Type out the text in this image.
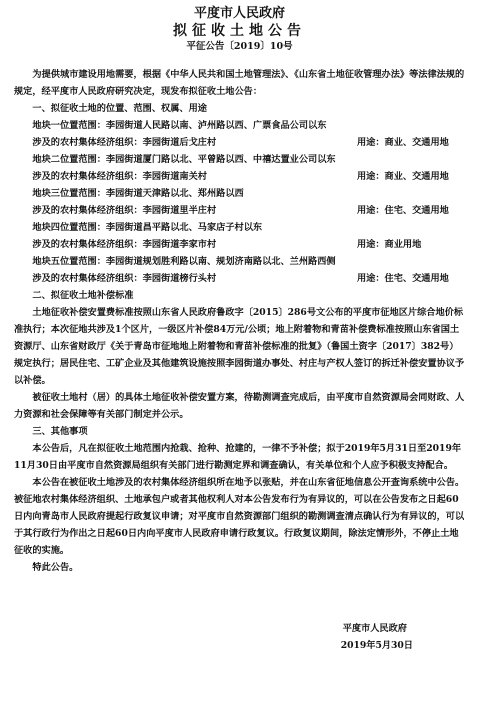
平度市人民政府
拟征收土地公告
平征公告〔2019〕10号

为提供城市建设用地需要，根据《中华人民共和国土地管理法》、《山东省土地征收管理办法》等法律法规的规定，经平度市人民政府研究决定，现发布拟征收土地公告：

一、拟征收土地的位置、范围、权属、用途

地块一位置范围：李园街道人民路以南、泸州路以西、广票食品公司以东

涉及的农村集体经济组织：李园街道后戈庄村	用途：商业、交通用地

地块二位置范围：李园街道厦门路以北、平曾路以西、中禧达置业公司以东

涉及的农村集体经济组织：李园街道南关村	用途：商业、交通用地

地块三位置范围：李园街道天津路以北、郑州路以西

涉及的农村集体经济组织：李园街道里半庄村	用途：住宅、交通用地

地块四位置范围：李园街道昌平路以北、马家店子村以东

涉及的农村集体经济组织：李园街道李家市村	用途：商业用地

地块五位置范围：李园街道规划胜利路以南、规划济南路以北、兰州路西侧

涉及的农村集体经济组织：李园街道榜行头村	用途：住宅、交通用地

二、拟征收土地补偿标准

土地征收补偿安置费标准按照山东省人民政府鲁政字〔2015〕286号文公布的平度市征地区片综合地价标准执行；本次征地共涉及1个区片，一级区片补偿84万元/公顷；地上附着物和青苗补偿费标准按照山东省国土资源厅、山东省财政厅《关于青岛市征地地上附着物和青苗补偿标准的批复》（鲁国土资字〔2017〕382号）规定执行；居民住宅、工矿企业及其他建筑设施按照李园街道办事处、村庄与产权人签订的拆迁补偿安置协议予以补偿。

被征收土地村（居）的具体土地征收补偿安置方案，待勘测调查完成后，由平度市自然资源局会同财政、人力资源和社会保障等有关部门制定并公示。

三、其他事项

本公告后，凡在拟征收土地范围内抢栽、抢种、抢建的，一律不予补偿；拟于2019年5月31日至2019年11月30日由平度市自然资源局组织有关部门进行勘测定界和调查确认，有关单位和个人应予积极支持配合。

本公告在被征收土地涉及的农村集体经济组织所在地予以张贴，并在山东省征地信息公开查询系统中公告。被征地农村集体经济组织、土地承包户或者其他权利人对本公告发布行为有异议的，可以在公告发布之日起60日内向青岛市人民政府提起行政复议申请；对平度市自然资源部门组织的勘测调查清点确认行为有异议的，可以于其行政行为作出之日起60日内向平度市人民政府申请行政复议。行政复议期间，除法定情形外，不停止土地征收的实施。

特此公告。

平度市人民政府
2019年5月30日
